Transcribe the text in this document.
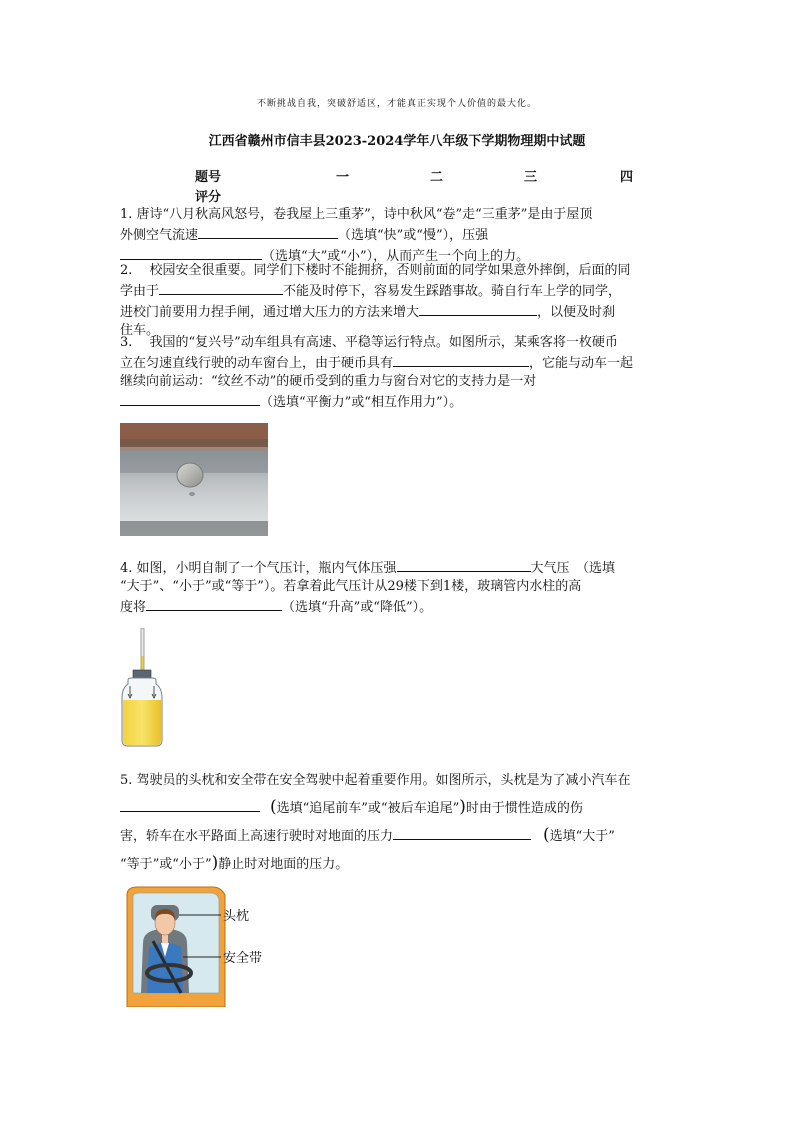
不断挑战自我，突破舒适区，才能真正实现个人价值的最大化。
江西省赣州市信丰县2023-2024学年八年级下学期物理期中试题
题号	一	二	三	四
评分
1. 唐诗“八月秋高风怒号，卷我屋上三重茅”，诗中秋风“卷”走“三重茅”是由于屋顶
外侧空气流速	（选填“快”或“慢”），压强
（选填“大”或“小”），从而产生一个向上的力。
2.　 校园安全很重要。同学们下楼时不能拥挤，否则前面的同学如果意外摔倒，后面的同
学由于	不能及时停下，容易发生踩踏事故。骑自行车上学的同学，
进校门前要用力捏手闸，通过增大压力的方法来增大	，以便及时刹
住车。
3.　 我国的“复兴号”动车组具有高速、平稳等运行特点。如图所示，某乘客将一枚硬币
立在匀速直线行驶的动车窗台上，由于硬币具有	，它能与动车一起
继续向前运动：“纹丝不动”的硬币受到的重力与窗台对它的支持力是一对
（选填“平衡力”或“相互作用力”）。
4. 如图，小明自制了一个气压计，瓶内气体压强	大气压　（选填
“大于”、“小于”或“等于”）。若拿着此气压计从29楼下到1楼，玻璃管内水柱的高
度将	（选填“升高”或“降低”）。
5. 驾驶员的头枕和安全带在安全驾驶中起着重要作用。如图所示，头枕是为了减小汽车在
(选填“追尾前车”或“被后车追尾”)时由于惯性造成的伤
害，轿车在水平路面上高速行驶时对地面的压力	(选填“大于”
“等于”或“小于”)静止时对地面的压力。
头枕
安全带
